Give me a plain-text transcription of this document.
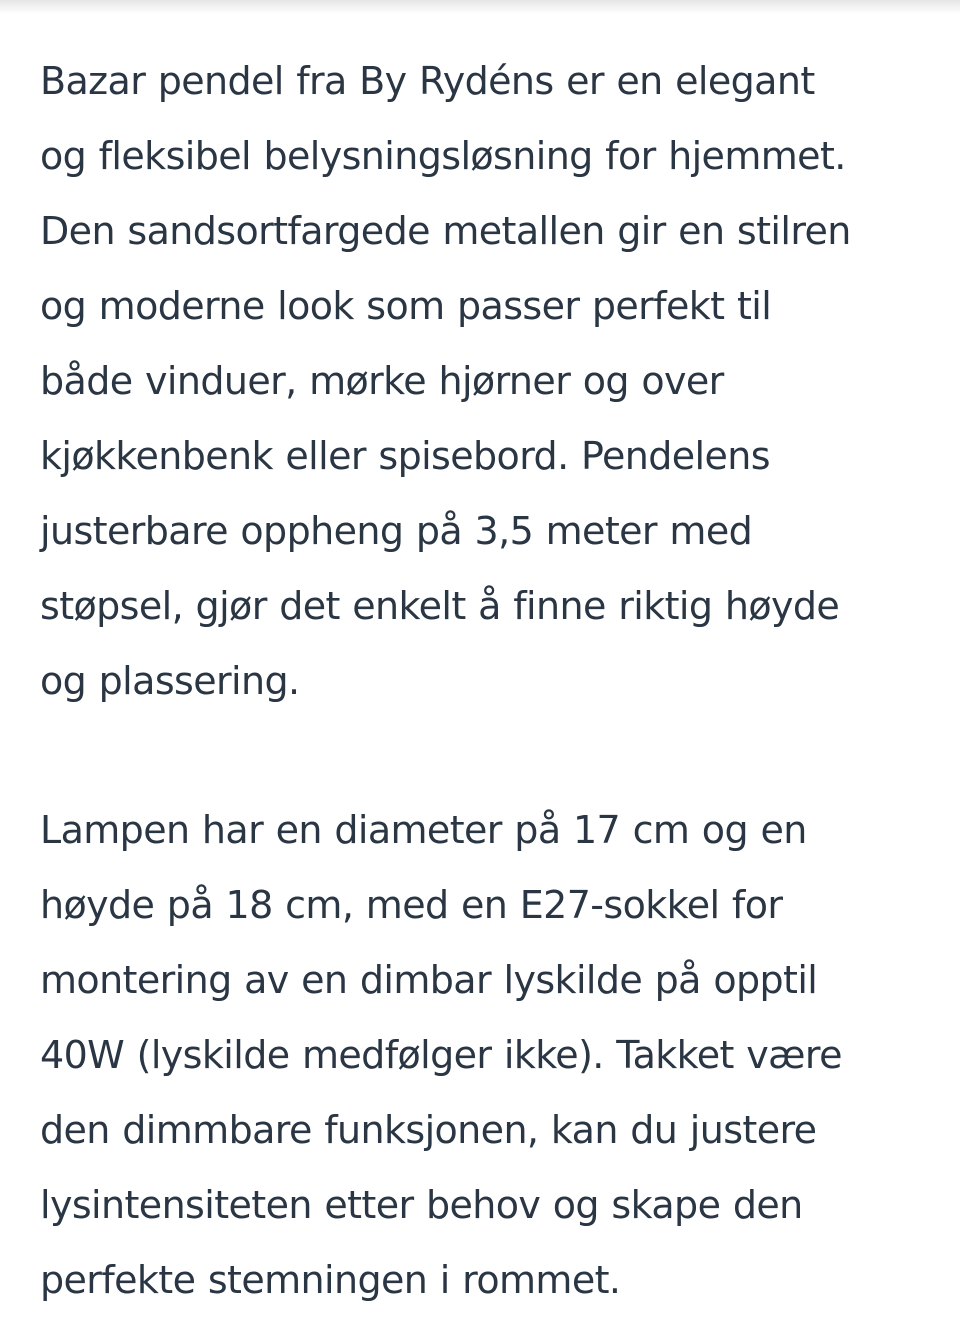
Bazar pendel fra By Rydéns er en elegant
og fleksibel belysningsløsning for hjemmet.
Den sandsortfargede metallen gir en stilren
og moderne look som passer perfekt til
både vinduer, mørke hjørner og over
kjøkkenbenk eller spisebord. Pendelens
justerbare oppheng på 3,5 meter med
støpsel, gjør det enkelt å finne riktig høyde
og plassering.

Lampen har en diameter på 17 cm og en
høyde på 18 cm, med en E27-sokkel for
montering av en dimbar lyskilde på opptil
40W (lyskilde medfølger ikke). Takket være
den dimmbare funksjonen, kan du justere
lysintensiteten etter behov og skape den
perfekte stemningen i rommet.
